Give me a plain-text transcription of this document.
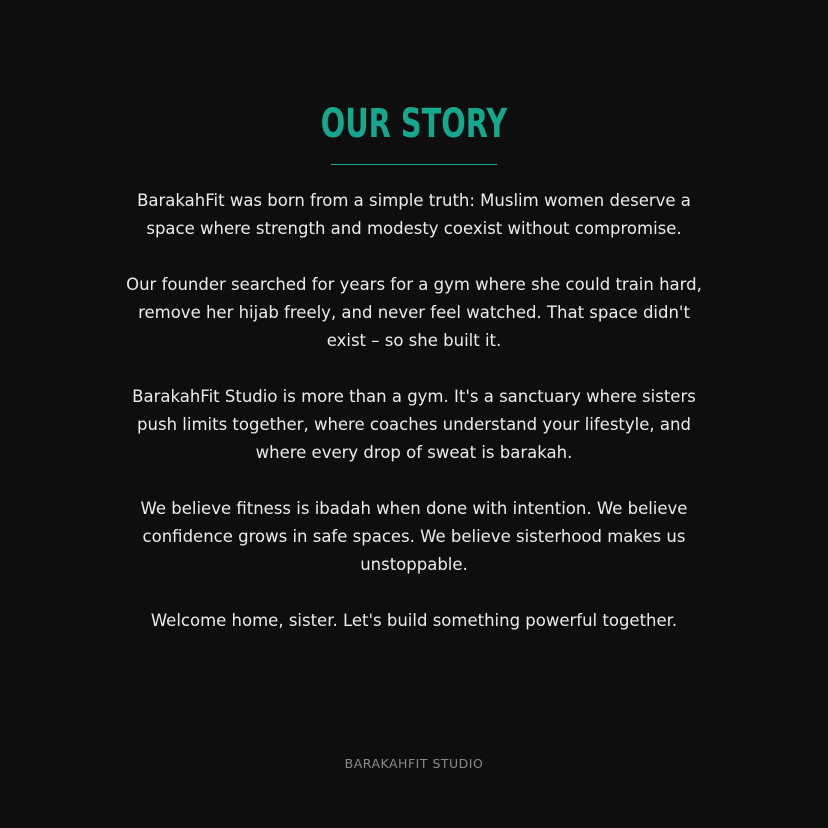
OUR STORY

BarakahFit was born from a simple truth: Muslim women deserve a space where strength and modesty coexist without compromise.

Our founder searched for years for a gym where she could train hard, remove her hijab freely, and never feel watched. That space didn't exist – so she built it.

BarakahFit Studio is more than a gym. It's a sanctuary where sisters push limits together, where coaches understand your lifestyle, and where every drop of sweat is barakah.

We believe fitness is ibadah when done with intention. We believe confidence grows in safe spaces. We believe sisterhood makes us unstoppable.

Welcome home, sister. Let's build something powerful together.

BARAKAHFIT STUDIO
